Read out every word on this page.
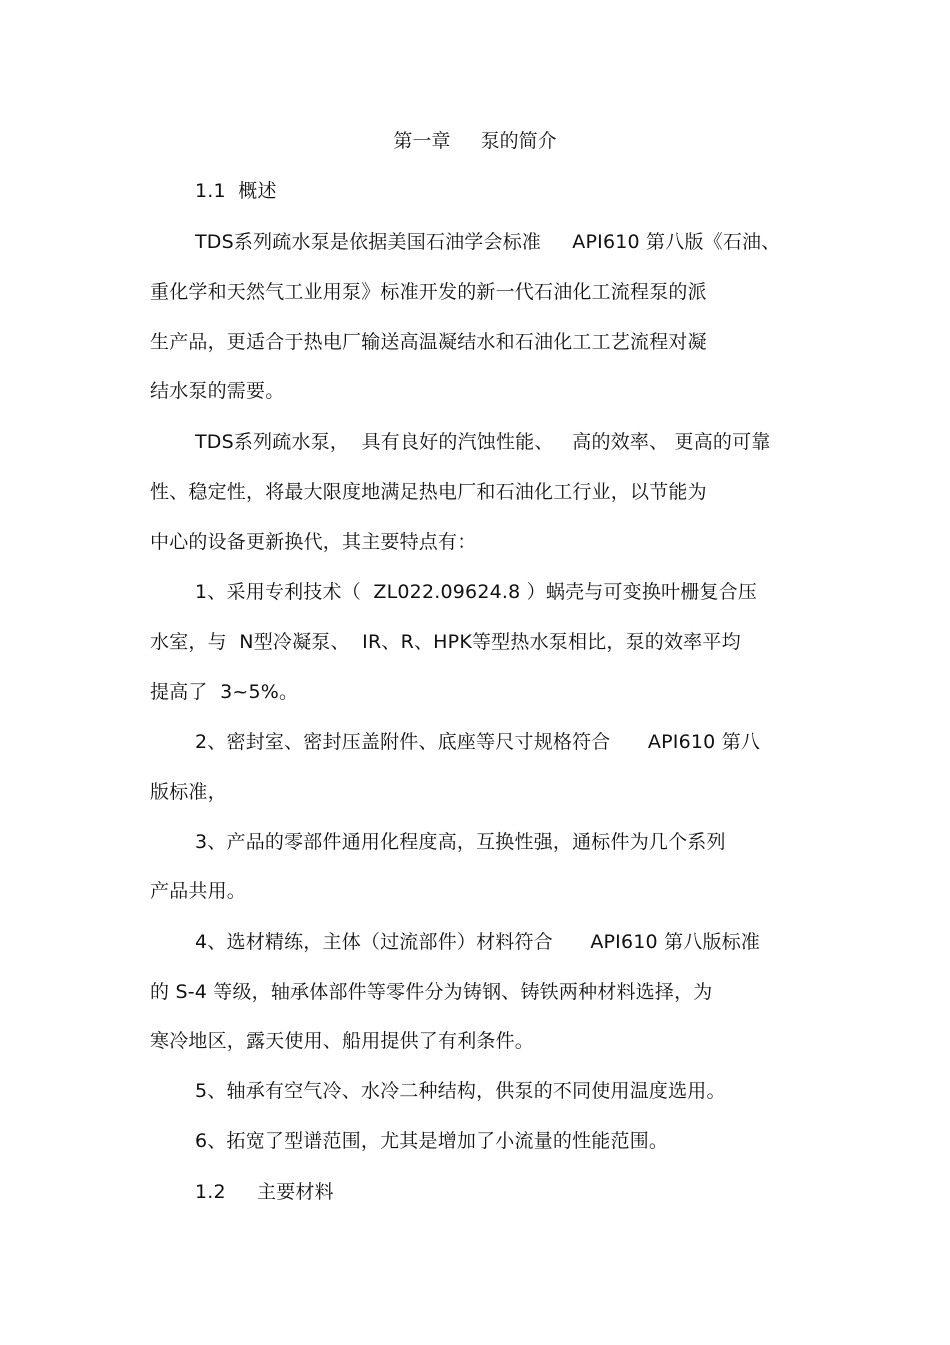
第一章     泵的简介
1.1  概述
TDS系列疏水泵是依据美国石油学会标准     API610 第八版《石油、
重化学和天然气工业用泵》标准开发的新一代石油化工流程泵的派
生产品，更适合于热电厂输送高温凝结水和石油化工工艺流程对凝
结水泵的需要。
TDS系列疏水泵，  具有良好的汽蚀性能、   高的效率、 更高的可靠
性、稳定性，将最大限度地满足热电厂和石油化工行业，以节能为
中心的设备更新换代，其主要特点有：
1、采用专利技术（  ZL022.09624.8 ）蜗壳与可变换叶栅复合压
水室，与  N型冷凝泵、  IR、R、HPK等型热水泵相比，泵的效率平均
提高了  3~5%。
2、密封室、密封压盖附件、底座等尺寸规格符合      API610 第八
版标准，
3、产品的零部件通用化程度高，互换性强，通标件为几个系列
产品共用。
4、选材精练，主体（过流部件）材料符合      API610 第八版标准
的 S-4 等级，轴承体部件等零件分为铸钢、铸铁两种材料选择，为
寒冷地区，露天使用、船用提供了有利条件。
5、轴承有空气冷、水冷二种结构，供泵的不同使用温度选用。
6、拓宽了型谱范围，尤其是增加了小流量的性能范围。
1.2     主要材料
